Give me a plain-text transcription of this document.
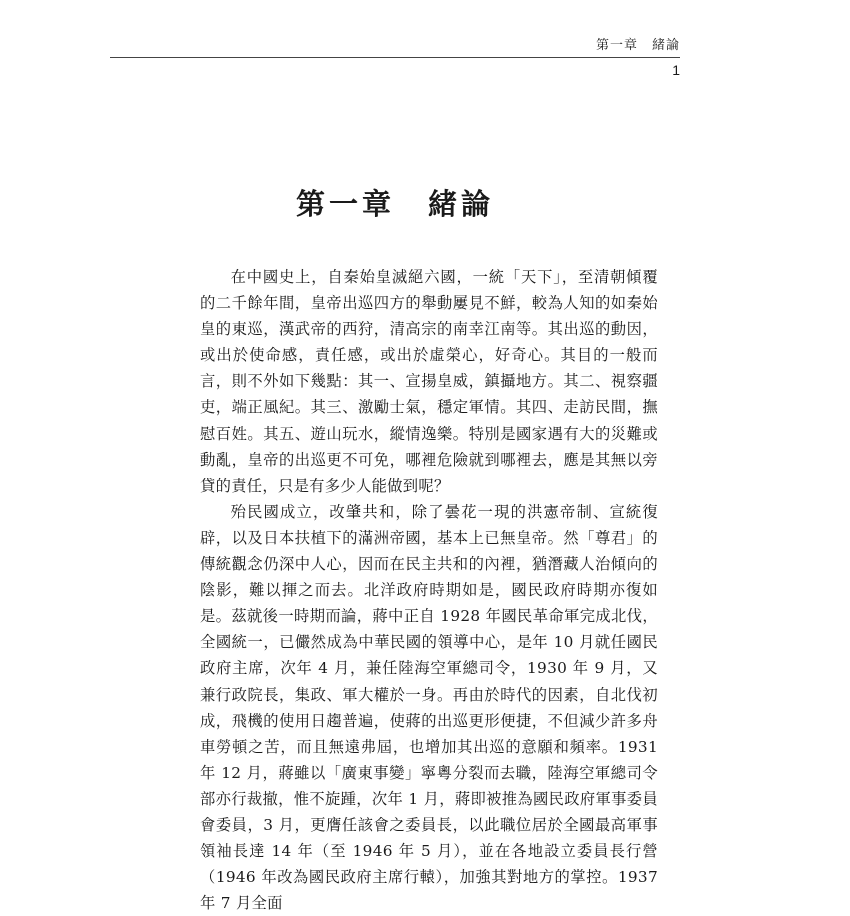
第一章　緒論
1
第一章　緒論

在中國史上，自秦始皇滅絕六國，一統「天下」，至清朝傾覆的二千餘年間，皇帝出巡四方的舉動屢見不鮮，較為人知的如秦始皇的東巡，漢武帝的西狩，清高宗的南幸江南等。其出巡的動因，或出於使命感，責任感，或出於虛榮心，好奇心。其目的一般而言，則不外如下幾點：其一、宣揚皇威，鎮攝地方。其二、視察疆吏，端正風紀。其三、激勵士氣，穩定軍情。其四、走訪民間，撫慰百姓。其五、遊山玩水，縱情逸樂。特別是國家遇有大的災難或動亂，皇帝的出巡更不可免，哪裡危險就到哪裡去，應是其無以旁貸的責任，只是有多少人能做到呢？

殆民國成立，改肇共和，除了曇花一現的洪憲帝制、宣統復辟，以及日本扶植下的滿洲帝國，基本上已無皇帝。然「尊君」的傳統觀念仍深中人心，因而在民主共和的內裡，猶潛藏人治傾向的陰影，難以揮之而去。北洋政府時期如是，國民政府時期亦復如是。茲就後一時期而論，蔣中正自 1928 年國民革命軍完成北伐，全國統一，已儼然成為中華民國的領導中心，是年 10 月就任國民政府主席，次年 4 月，兼任陸海空軍總司令，1930 年 9 月，又兼行政院長，集政、軍大權於一身。再由於時代的因素，自北伐初成，飛機的使用日趨普遍，使蔣的出巡更形便捷，不但減少許多舟車勞頓之苦，而且無遠弗屆，也增加其出巡的意願和頻率。1931 年 12 月，蔣雖以「廣東事變」寧粵分裂而去職，陸海空軍總司令部亦行裁撤，惟不旋踵，次年 1 月，蔣即被推為國民政府軍事委員會委員，3 月，更膺任該會之委員長，以此職位居於全國最高軍事領袖長達 14 年（至 1946 年 5 月），並在各地設立委員長行營（1946 年改為國民政府主席行轅），加強其對地方的掌控。1937 年 7 月全面
